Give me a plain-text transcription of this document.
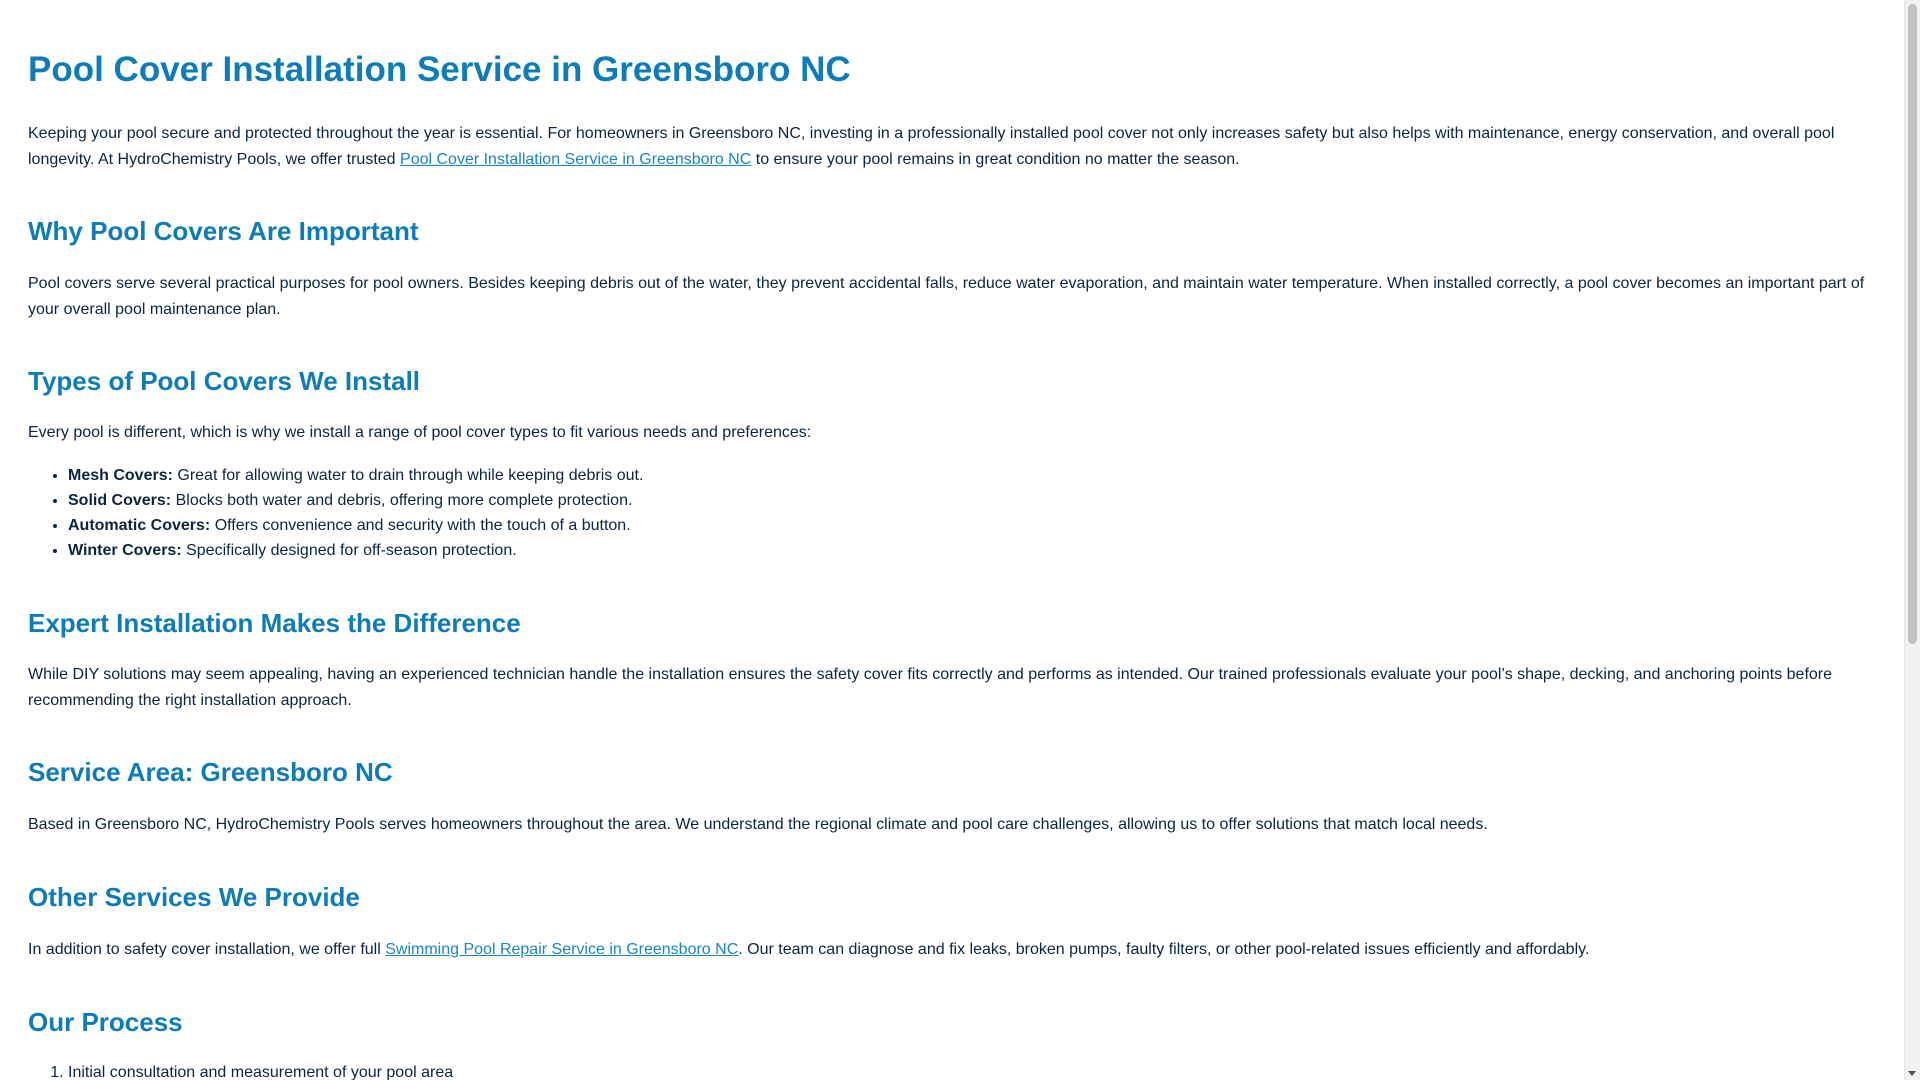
Pool Cover Installation Service in Greensboro NC

Keeping your pool secure and protected throughout the year is essential. For homeowners in Greensboro NC, investing in a professionally installed pool cover not only increases safety but also helps with maintenance, energy conservation, and overall pool longevity. At HydroChemistry Pools, we offer trusted Pool Cover Installation Service in Greensboro NC to ensure your pool remains in great condition no matter the season.

Why Pool Covers Are Important

Pool covers serve several practical purposes for pool owners. Besides keeping debris out of the water, they prevent accidental falls, reduce water evaporation, and maintain water temperature. When installed correctly, a pool cover becomes an important part of your overall pool maintenance plan.

Types of Pool Covers We Install

Every pool is different, which is why we install a range of pool cover types to fit various needs and preferences:

• Mesh Covers: Great for allowing water to drain through while keeping debris out.
• Solid Covers: Blocks both water and debris, offering more complete protection.
• Automatic Covers: Offers convenience and security with the touch of a button.
• Winter Covers: Specifically designed for off-season protection.
Expert Installation Makes the Difference

While DIY solutions may seem appealing, having an experienced technician handle the installation ensures the safety cover fits correctly and performs as intended. Our trained professionals evaluate your pool’s shape, decking, and anchoring points before recommending the right installation approach.

Service Area: Greensboro NC

Based in Greensboro NC, HydroChemistry Pools serves homeowners throughout the area. We understand the regional climate and pool care challenges, allowing us to offer solutions that match local needs.

Other Services We Provide

In addition to safety cover installation, we offer full Swimming Pool Repair Service in Greensboro NC. Our team can diagnose and fix leaks, broken pumps, faulty filters, or other pool-related issues efficiently and affordably.

Our Process
1. Initial consultation and measurement of your pool area
